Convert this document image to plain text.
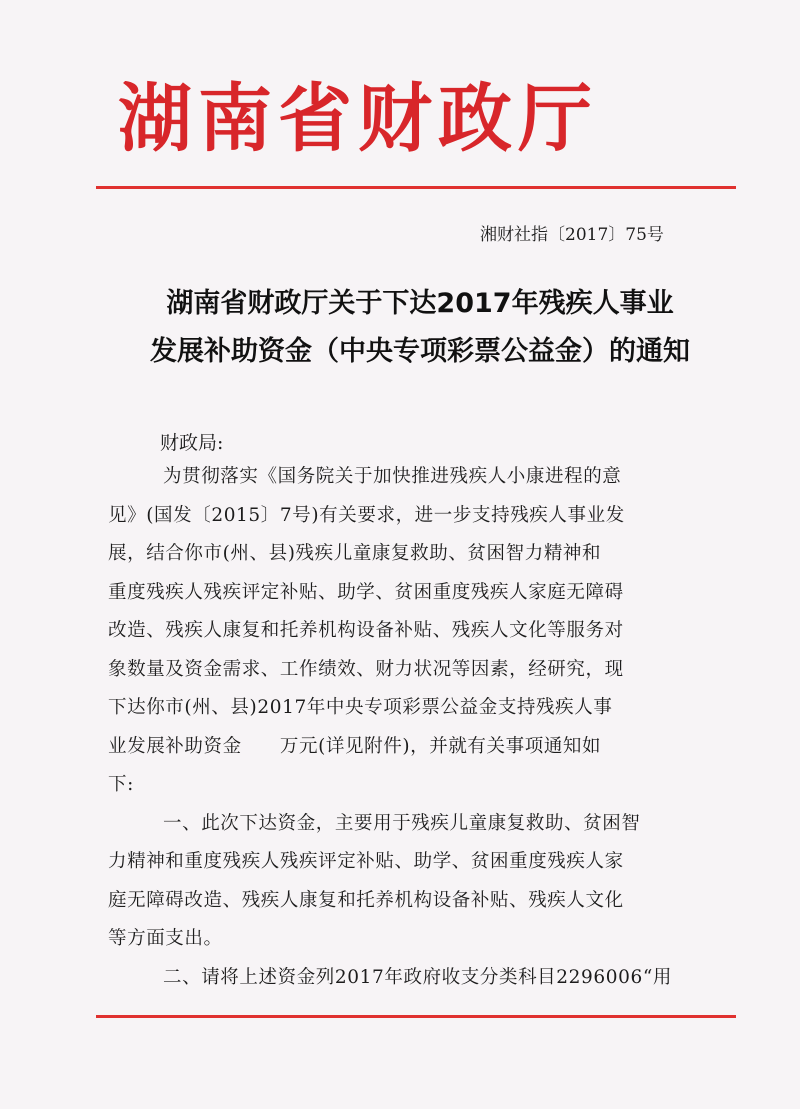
湖南省财政厅
湘财社指〔2017〕75号
湖南省财政厅关于下达2017年残疾人事业
发展补助资金（中央专项彩票公益金）的通知
财政局:
为贯彻落实《国务院关于加快推进残疾人小康进程的意
见》(国发〔2015〕7号)有关要求，进一步支持残疾人事业发
展，结合你市(州、县)残疾儿童康复救助、贫困智力精神和
重度残疾人残疾评定补贴、助学、贫困重度残疾人家庭无障碍
改造、残疾人康复和托养机构设备补贴、残疾人文化等服务对
象数量及资金需求、工作绩效、财力状况等因素，经研究，现
下达你市(州、县)2017年中央专项彩票公益金支持残疾人事
业发展补助资金　　万元(详见附件)，并就有关事项通知如
下:
一、此次下达资金，主要用于残疾儿童康复救助、贫困智
力精神和重度残疾人残疾评定补贴、助学、贫困重度残疾人家
庭无障碍改造、残疾人康复和托养机构设备补贴、残疾人文化
等方面支出。
二、请将上述资金列2017年政府收支分类科目2296006“用
